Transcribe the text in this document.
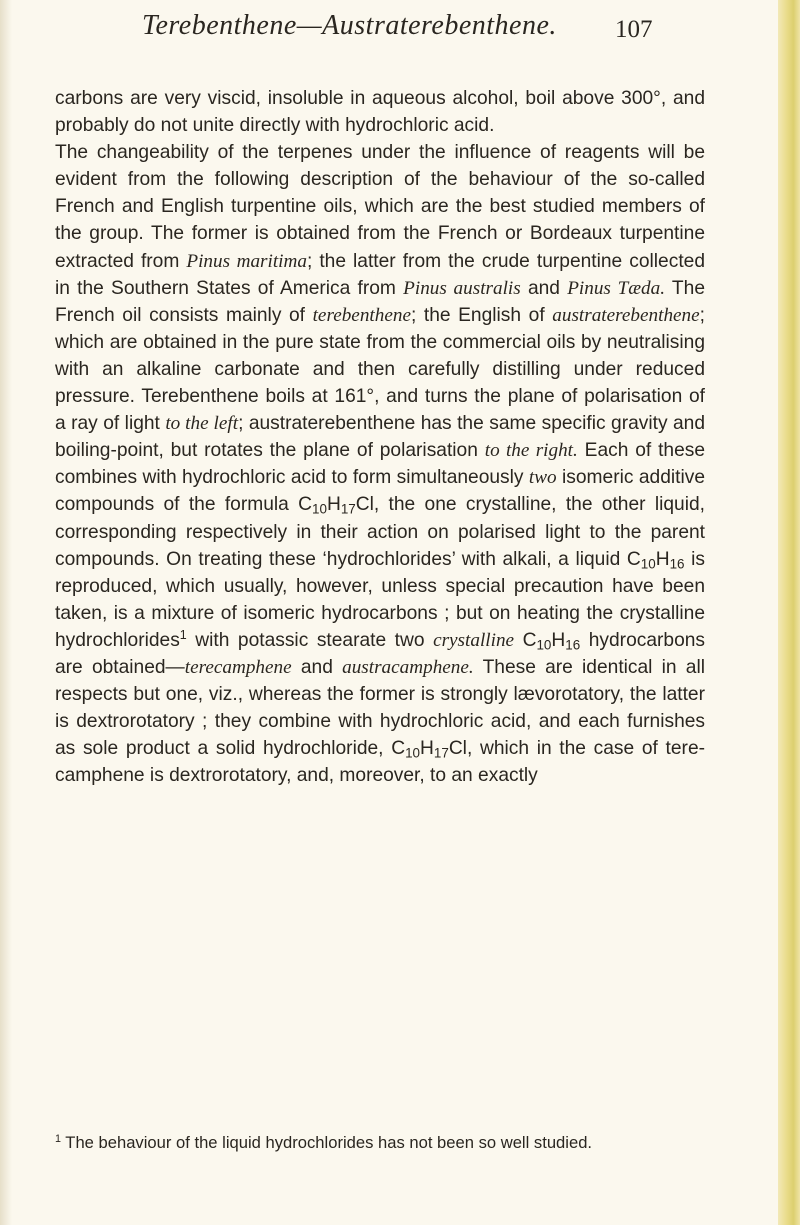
Terebenthene—Austraterebenthene. 107

carbons are very viscid, insoluble in aqueous alcohol, boil above 300°, and probably do not unite directly with hydrochloric acid.

The changeability of the terpenes under the influence of reagents will be evident from the following description of the behaviour of the so-called French and English turpentine oils, which are the best studied members of the group. The former is obtained from the French or Bordeaux turpentine extracted from Pinus maritima; the latter from the crude turpentine collected in the Southern States of America from Pinus australis and Pinus Tæda. The French oil consists mainly of terebenthene; the English of austraterebenthene; which are obtained in the pure state from the commercial oils by neutralising with an alkaline carbonate and then carefully distilling under reduced pressure. Terebenthene boils at 161°, and turns the plane of polarisation of a ray of light to the left; austraterebenthene has the same specific gravity and boiling-point, but rotates the plane of polarisation to the right. Each of these combines with hydrochloric acid to form simultaneously two isomeric additive compounds of the formula $C_{10}H_{17}Cl$, the one crystalline, the other liquid, corresponding respectively in their action on polarised light to the parent compounds. On treating these ‘hydrochlorides’ with alkali, a liquid $C_{10}H_{16}$ is reproduced, which usually, however, unless special precaution have been taken, is a mixture of isomeric hydrocarbons ; but on heating the crystalline hydrochlorides$^1$ with potassic stearate two crystalline $C_{10}H_{16}$ hydrocarbons are obtained—terecamphene and austracamphene. These are identical in all respects but one, viz., whereas the former is strongly lævorotatory, the latter is dextrorotatory ; they combine with hydrochloric acid, and each furnishes as sole product a solid hydrochloride, $C_{10}H_{17}Cl$, which in the case of terecamphene is dextrorotatory, and, moreover, to an exactly

$^1$ The behaviour of the liquid hydrochlorides has not been so well studied.
